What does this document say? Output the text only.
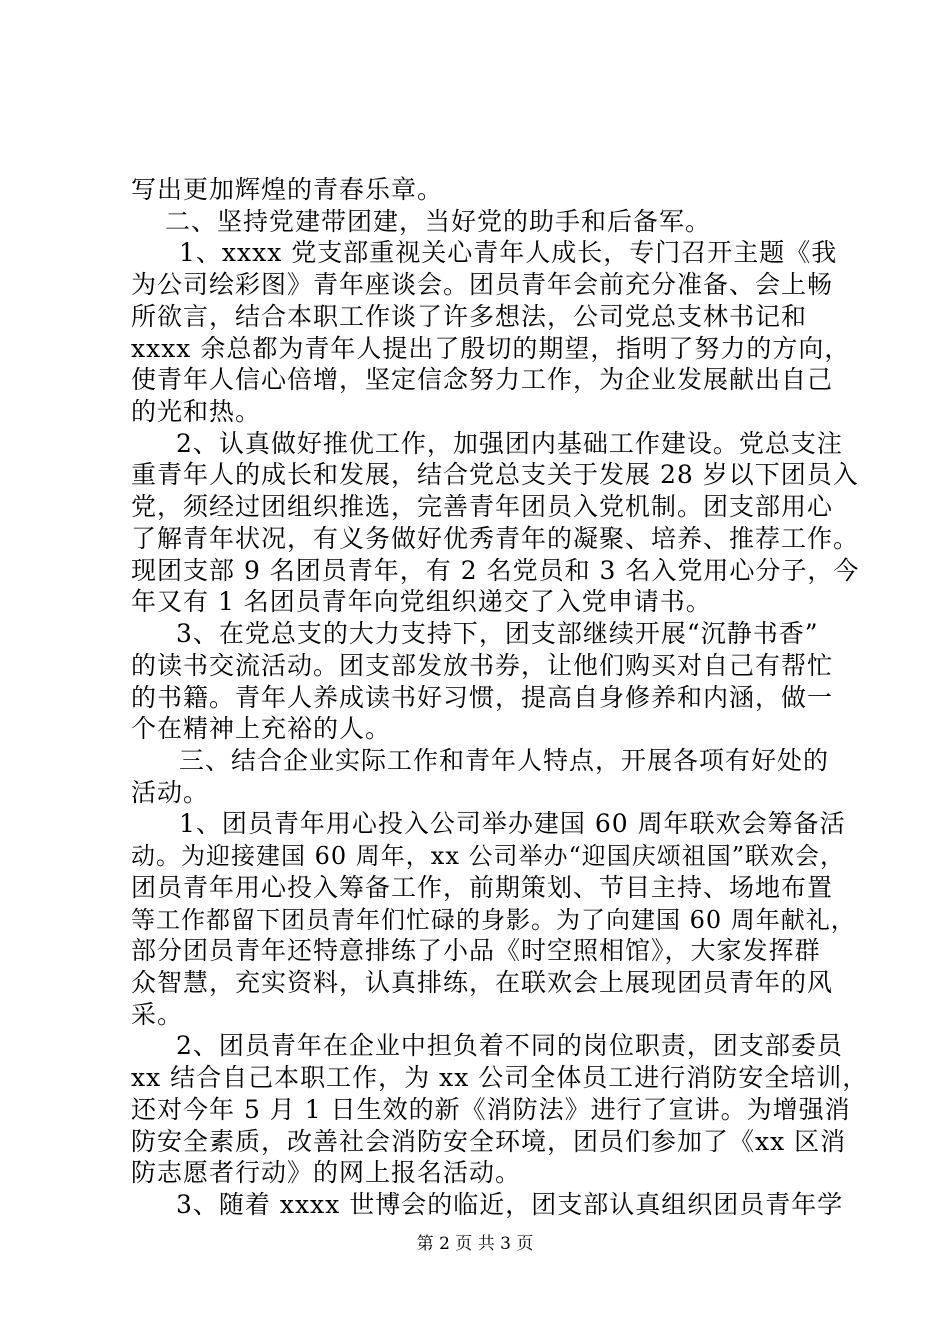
写出更加辉煌的青春乐章。
二、坚持党建带团建，当好党的助手和后备军。
1、xxxx 党支部重视关心青年人成长，专门召开主题《我
为公司绘彩图》青年座谈会。团员青年会前充分准备、会上畅
所欲言，结合本职工作谈了许多想法，公司党总支林书记和
xxxx 余总都为青年人提出了殷切的期望，指明了努力的方向，
使青年人信心倍增，坚定信念努力工作，为企业发展献出自己
的光和热。
2、认真做好推优工作，加强团内基础工作建设。党总支注
重青年人的成长和发展，结合党总支关于发展 28 岁以下团员入
党，须经过团组织推选，完善青年团员入党机制。团支部用心
了解青年状况，有义务做好优秀青年的凝聚、培养、推荐工作。
现团支部 9 名团员青年，有 2 名党员和 3 名入党用心分子，今
年又有 1 名团员青年向党组织递交了入党申请书。
3、在党总支的大力支持下，团支部继续开展“沉静书香”
的读书交流活动。团支部发放书券，让他们购买对自己有帮忙
的书籍。青年人养成读书好习惯，提高自身修养和内涵，做一
个在精神上充裕的人。
三、结合企业实际工作和青年人特点，开展各项有好处的
活动。
1、团员青年用心投入公司举办建国 60 周年联欢会筹备活
动。为迎接建国 60 周年，xx 公司举办“迎国庆颂祖国”联欢会，
团员青年用心投入筹备工作，前期策划、节目主持、场地布置
等工作都留下团员青年们忙碌的身影。为了向建国 60 周年献礼，
部分团员青年还特意排练了小品《时空照相馆》，大家发挥群
众智慧，充实资料，认真排练，在联欢会上展现团员青年的风
采。
2、团员青年在企业中担负着不同的岗位职责，团支部委员
xx 结合自己本职工作，为 xx 公司全体员工进行消防安全培训，
还对今年 5 月 1 日生效的新《消防法》进行了宣讲。为增强消
防安全素质，改善社会消防安全环境，团员们参加了《xx 区消
防志愿者行动》的网上报名活动。
3、随着 xxxx 世博会的临近，团支部认真组织团员青年学
第 2 页 共 3 页
